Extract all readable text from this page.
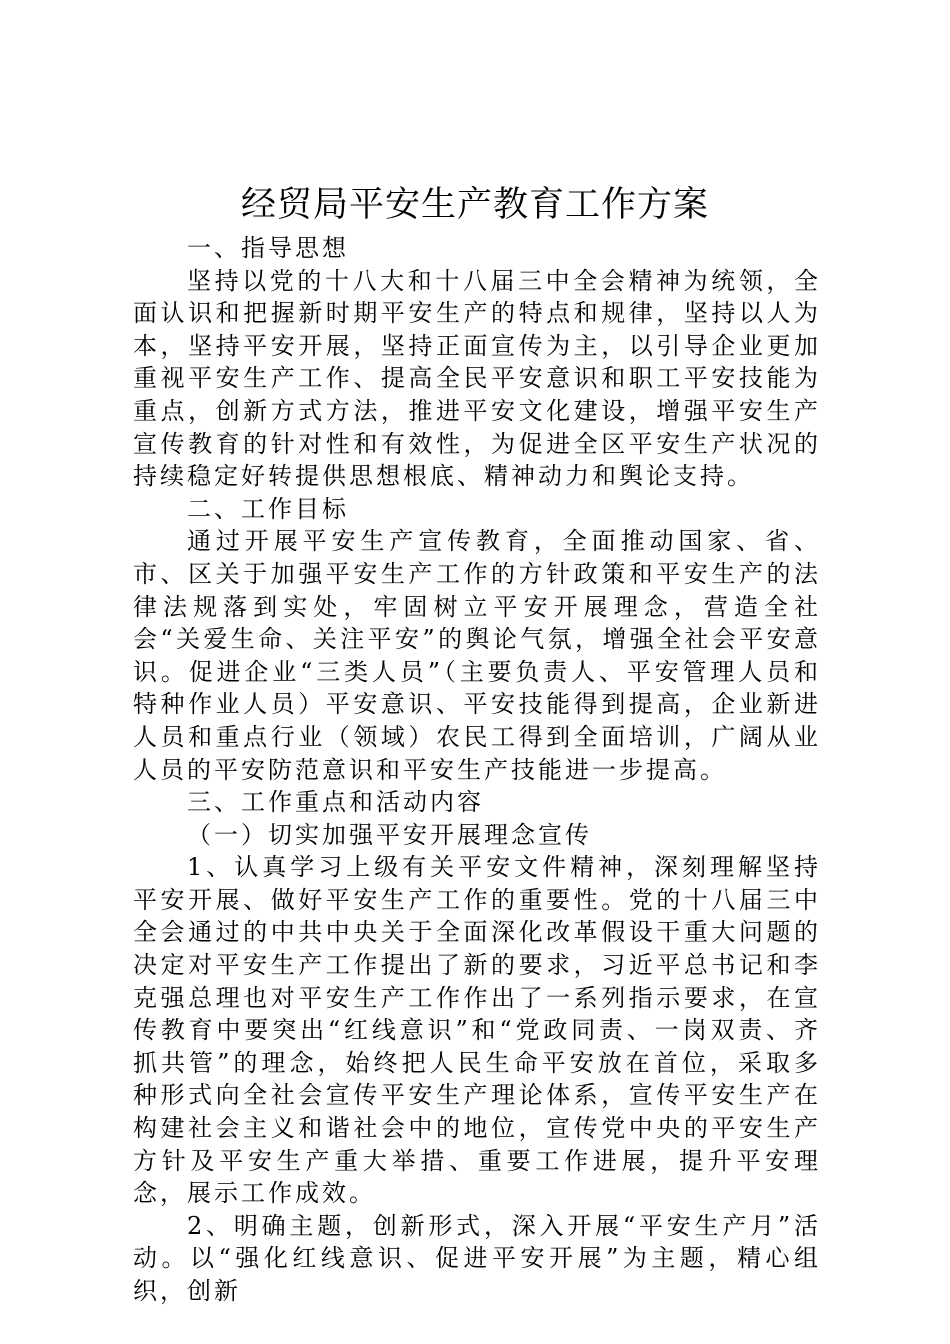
经贸局平安生产教育工作方案

一、指导思想

坚持以党的十八大和十八届三中全会精神为统领，全面认识和把握新时期平安生产的特点和规律，坚持以人为本，坚持平安开展，坚持正面宣传为主，以引导企业更加重视平安生产工作、提高全民平安意识和职工平安技能为重点，创新方式方法，推进平安文化建设，增强平安生产宣传教育的针对性和有效性，为促进全区平安生产状况的持续稳定好转提供思想根底、精神动力和舆论支持。

二、工作目标

通过开展平安生产宣传教育，全面推动国家、省、市、区关于加强平安生产工作的方针政策和平安生产的法律法规落到实处，牢固树立平安开展理念，营造全社会“关爱生命、关注平安”的舆论气氛，增强全社会平安意识。促进企业“三类人员”（主要负责人、平安管理人员和特种作业人员）平安意识、平安技能得到提高，企业新进人员和重点行业（领域）农民工得到全面培训，广阔从业人员的平安防范意识和平安生产技能进一步提高。

三、工作重点和活动内容

（一）切实加强平安开展理念宣传

1、认真学习上级有关平安文件精神，深刻理解坚持平安开展、做好平安生产工作的重要性。党的十八届三中全会通过的中共中央关于全面深化改革假设干重大问题的决定对平安生产工作提出了新的要求，习近平总书记和李克强总理也对平安生产工作作出了一系列指示要求，在宣传教育中要突出“红线意识”和“党政同责、一岗双责、齐抓共管”的理念，始终把人民生命平安放在首位，采取多种形式向全社会宣传平安生产理论体系，宣传平安生产在构建社会主义和谐社会中的地位，宣传党中央的平安生产方针及平安生产重大举措、重要工作进展，提升平安理念，展示工作成效。

2、明确主题，创新形式，深入开展“平安生产月”活动。以“强化红线意识、促进平安开展”为主题，精心组织，创新
